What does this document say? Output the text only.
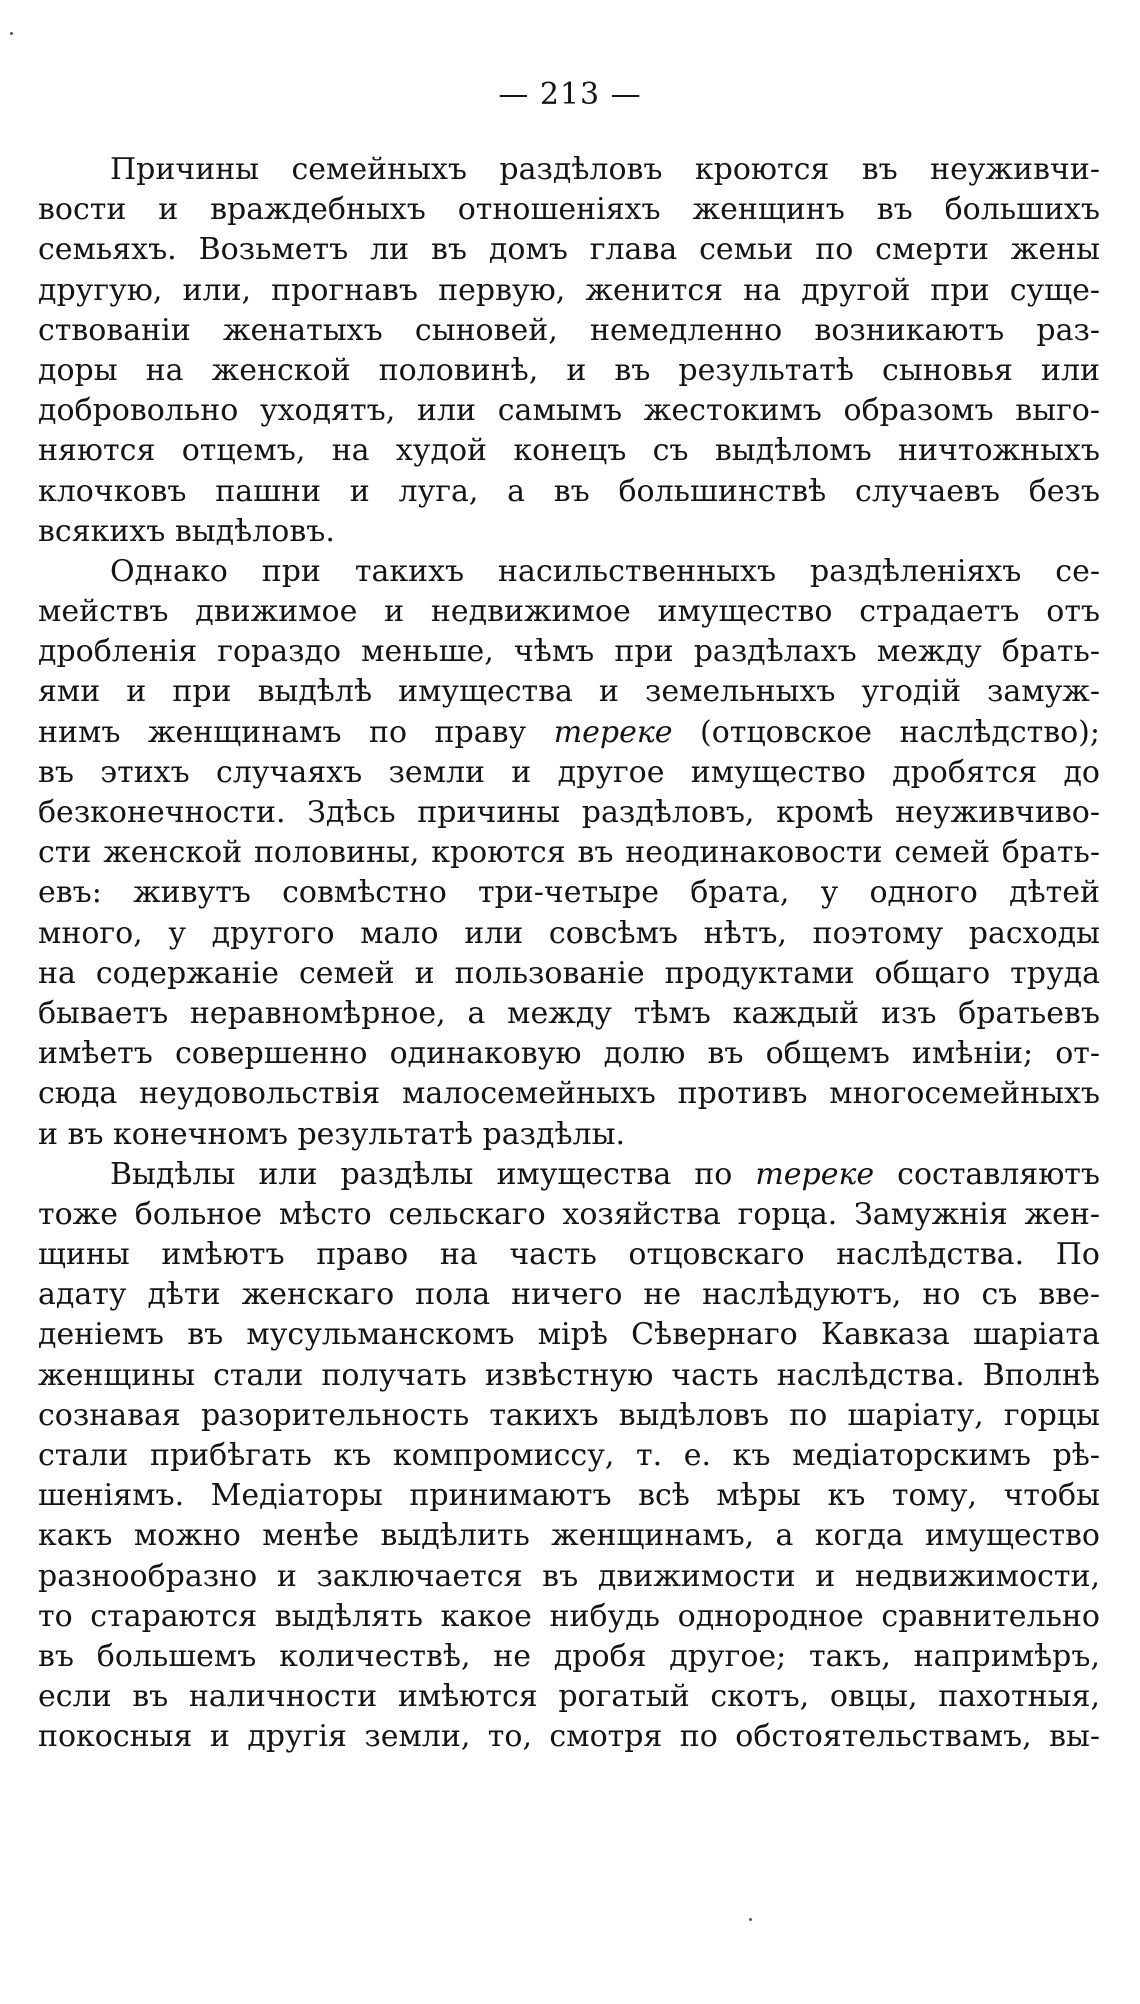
— 213 —
Причины семейныхъ раздѣловъ кроются въ неуживчи-
вости и враждебныхъ отношеніяхъ женщинъ въ большихъ
семьяхъ. Возьметъ ли въ домъ глава семьи по смерти жены
другую, или, прогнавъ первую, женится на другой при суще-
ствованіи женатыхъ сыновей, немедленно возникаютъ раз-
доры на женской половинѣ, и въ результатѣ сыновья или
добровольно уходятъ, или самымъ жестокимъ образомъ выго-
няются отцемъ, на худой конецъ съ выдѣломъ ничтожныхъ
клочковъ пашни и луга, а въ большинствѣ случаевъ безъ
всякихъ выдѣловъ.
Однако при такихъ насильственныхъ раздѣленіяхъ се-
мействъ движимое и недвижимое имущество страдаетъ отъ
дробленія гораздо меньше, чѣмъ при раздѣлахъ между брать-
ями и при выдѣлѣ имущества и земельныхъ угодій замуж-
нимъ женщинамъ по праву тереке (отцовское наслѣдство);
въ этихъ случаяхъ земли и другое имущество дробятся до
безконечности. Здѣсь причины раздѣловъ, кромѣ неуживчиво-
сти женской половины, кроются въ неодинаковости семей брать-
евъ: живутъ совмѣстно три-четыре брата, у одного дѣтей
много, у другого мало или совсѣмъ нѣтъ, поэтому расходы
на содержаніе семей и пользованіе продуктами общаго труда
бываетъ неравномѣрное, а между тѣмъ каждый изъ братьевъ
имѣетъ совершенно одинаковую долю въ общемъ имѣніи; от-
сюда неудовольствія малосемейныхъ противъ многосемейныхъ
и въ конечномъ результатѣ раздѣлы.
Выдѣлы или раздѣлы имущества по тереке составляютъ
тоже больное мѣсто сельскаго хозяйства горца. Замужнія жен-
щины имѣютъ право на часть отцовскаго наслѣдства. По
адату дѣти женскаго пола ничего не наслѣдуютъ, но съ вве-
деніемъ въ мусульманскомъ мірѣ Сѣвернаго Кавказа шаріата
женщины стали получать извѣстную часть наслѣдства. Вполнѣ
сознавая разорительность такихъ выдѣловъ по шаріату, горцы
стали прибѣгать къ компромиссу, т. е. къ медіаторскимъ рѣ-
шеніямъ. Медіаторы принимаютъ всѣ мѣры къ тому, чтобы
какъ можно менѣе выдѣлить женщинамъ, а когда имущество
разнообразно и заключается въ движимости и недвижимости,
то стараются выдѣлять какое нибудь однородное сравнительно
въ большемъ количествѣ, не дробя другое; такъ, напримѣръ,
если въ наличности имѣются рогатый скотъ, овцы, пахотныя,
покосныя и другія земли, то, смотря по обстоятельствамъ, вы-
